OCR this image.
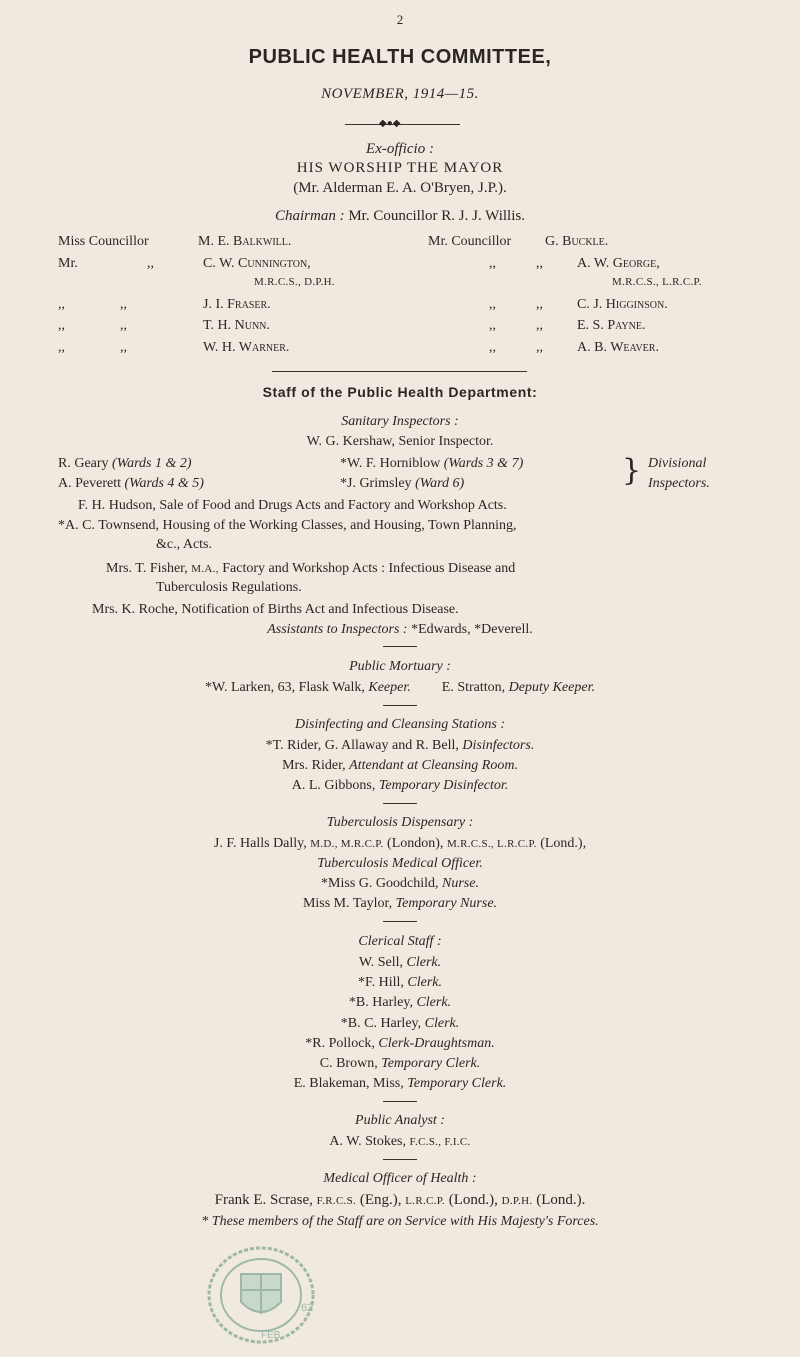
2
PUBLIC HEALTH COMMITTEE,
NOVEMBER, 1914—15.
◆●◆
Ex-officio :
HIS WORSHIP THE MAYOR
(Mr. Alderman E. A. O'Bryen, J.P.).
Chairman : Mr. Councillor R. J. J. Willis.
Miss Councillor	M. E. Balkwill.	Mr. Councillor G. Buckle.
Mr.	,,	C. W. Cunnington,
M.R.C.S., D.P.H.
,,	,, A. W. George,
M.R.C.S., L.R.C.P.
,,	,,	J. I. Fraser.	,,	,, C. J. Higginson.
,,	,,	T. H. Nunn.	,,	,, E. S. Payne.
,,	,,	W. H. Warner.	,,	,, A. B. Weaver.
Staff of the Public Health Department:
Sanitary Inspectors :
W. G. Kershaw, Senior Inspector.
R. Geary (Wards 1 & 2)	*W. F. Horniblow (Wards 3 & 7)
A. Peverett (Wards 4 & 5)	*J. Grimsley (Ward 6)	} Divisional
Inspectors.
F. H. Hudson, Sale of Food and Drugs Acts and Factory and Workshop Acts.
*A. C. Townsend, Housing of the Working Classes, and Housing, Town Planning,
&c., Acts.
Mrs. T. Fisher, M.A., Factory and Workshop Acts : Infectious Disease and
Tuberculosis Regulations.
Mrs. K. Roche, Notification of Births Act and Infectious Disease.
Assistants to Inspectors : *Edwards, *Deverell.
Public Mortuary :
*W. Larken, 63, Flask Walk, Keeper. E. Stratton, Deputy Keeper.
Disinfecting and Cleansing Stations :
*T. Rider, G. Allaway and R. Bell, Disinfectors.
Mrs. Rider, Attendant at Cleansing Room.
A. L. Gibbons, Temporary Disinfector.
Tuberculosis Dispensary :
J. F. Halls Dally, M.D., M.R.C.P. (London), M.R.C.S., L.R.C.P. (Lond.),
Tuberculosis Medical Officer.
*Miss G. Goodchild, Nurse.
Miss M. Taylor, Temporary Nurse.
Clerical Staff :
W. Sell, Clerk.
*F. Hill, Clerk.
*B. Harley, Clerk.
*B. C. Harley, Clerk.
*R. Pollock, Clerk-Draughtsman.
C. Brown, Temporary Clerk.
E. Blakeman, Miss, Temporary Clerk.
Public Analyst :
A. W. Stokes, F.C.S., F.I.C.
Medical Officer of Health :
Frank E. Scrase, F.R.C.S. (Eng.), L.R.C.P. (Lond.), D.P.H. (Lond.).
* These members of the Staff are on Service with His Majesty's Forces.
62
FEB
